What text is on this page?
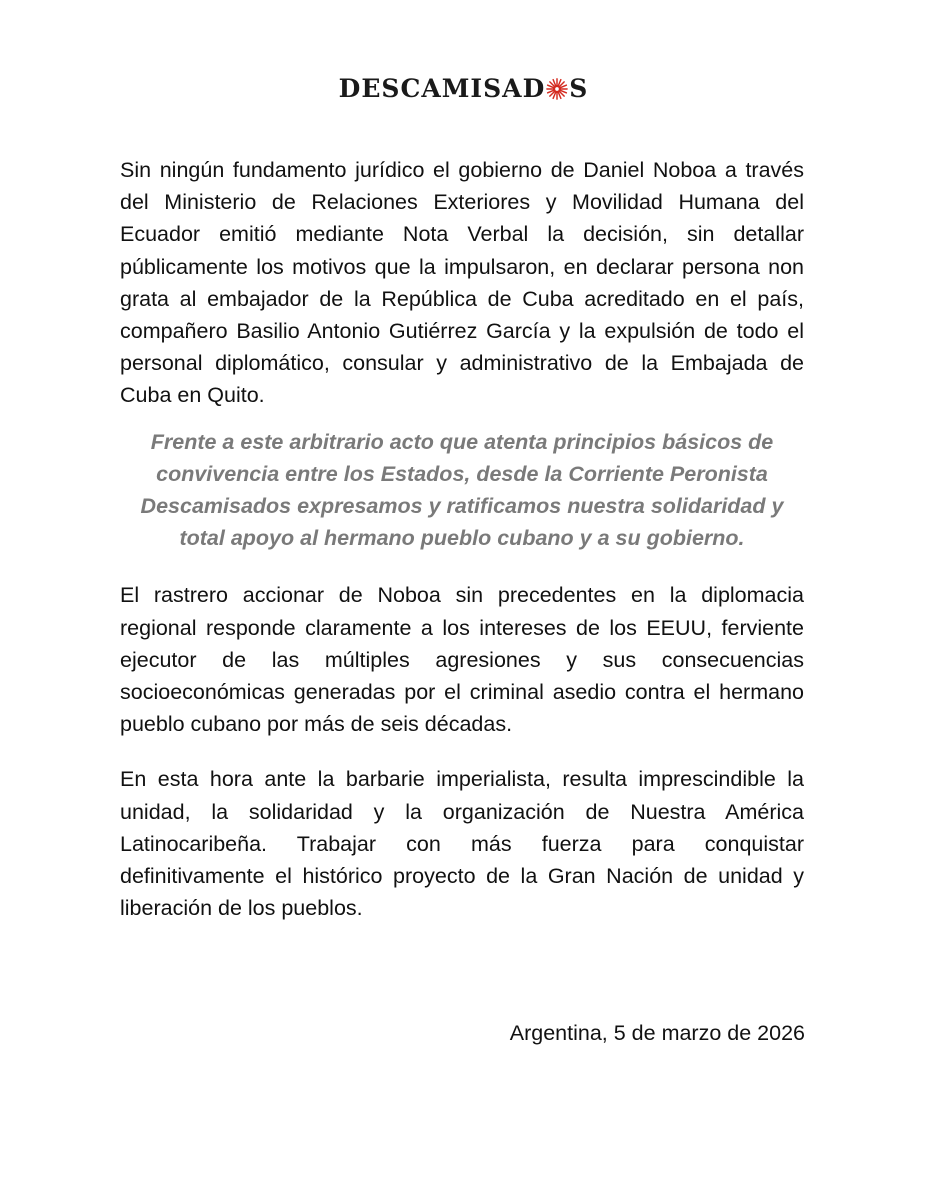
DESCAMISAD S

Sin ningún fundamento jurídico el gobierno de Daniel Noboa a través del Ministerio de Relaciones Exteriores y Movilidad Humana del Ecuador emitió mediante Nota Verbal la decisión, sin detallar públicamente los motivos que la impulsaron, en declarar persona non grata al embajador de la República de Cuba acreditado en el país, compañero Basilio Antonio Gutiérrez García y la expulsión de todo el personal diplomático, consular y administrativo de la Embajada de Cuba en Quito.

Frente a este arbitrario acto que atenta principios básicos de convivencia entre los Estados, desde la Corriente Peronista Descamisados expresamos y ratificamos nuestra solidaridad y total apoyo al hermano pueblo cubano y a su gobierno.

El rastrero accionar de Noboa sin precedentes en la diplomacia regional responde claramente a los intereses de los EEUU, ferviente ejecutor de las múltiples agresiones y sus consecuencias socioeconómicas generadas por el criminal asedio contra el hermano pueblo cubano por más de seis décadas.

En esta hora ante la barbarie imperialista, resulta imprescindible la unidad, la solidaridad y la organización de Nuestra América Latinocaribeña. Trabajar con más fuerza para conquistar definitivamente el histórico proyecto de la Gran Nación de unidad y liberación de los pueblos.

Argentina, 5 de marzo de 2026
